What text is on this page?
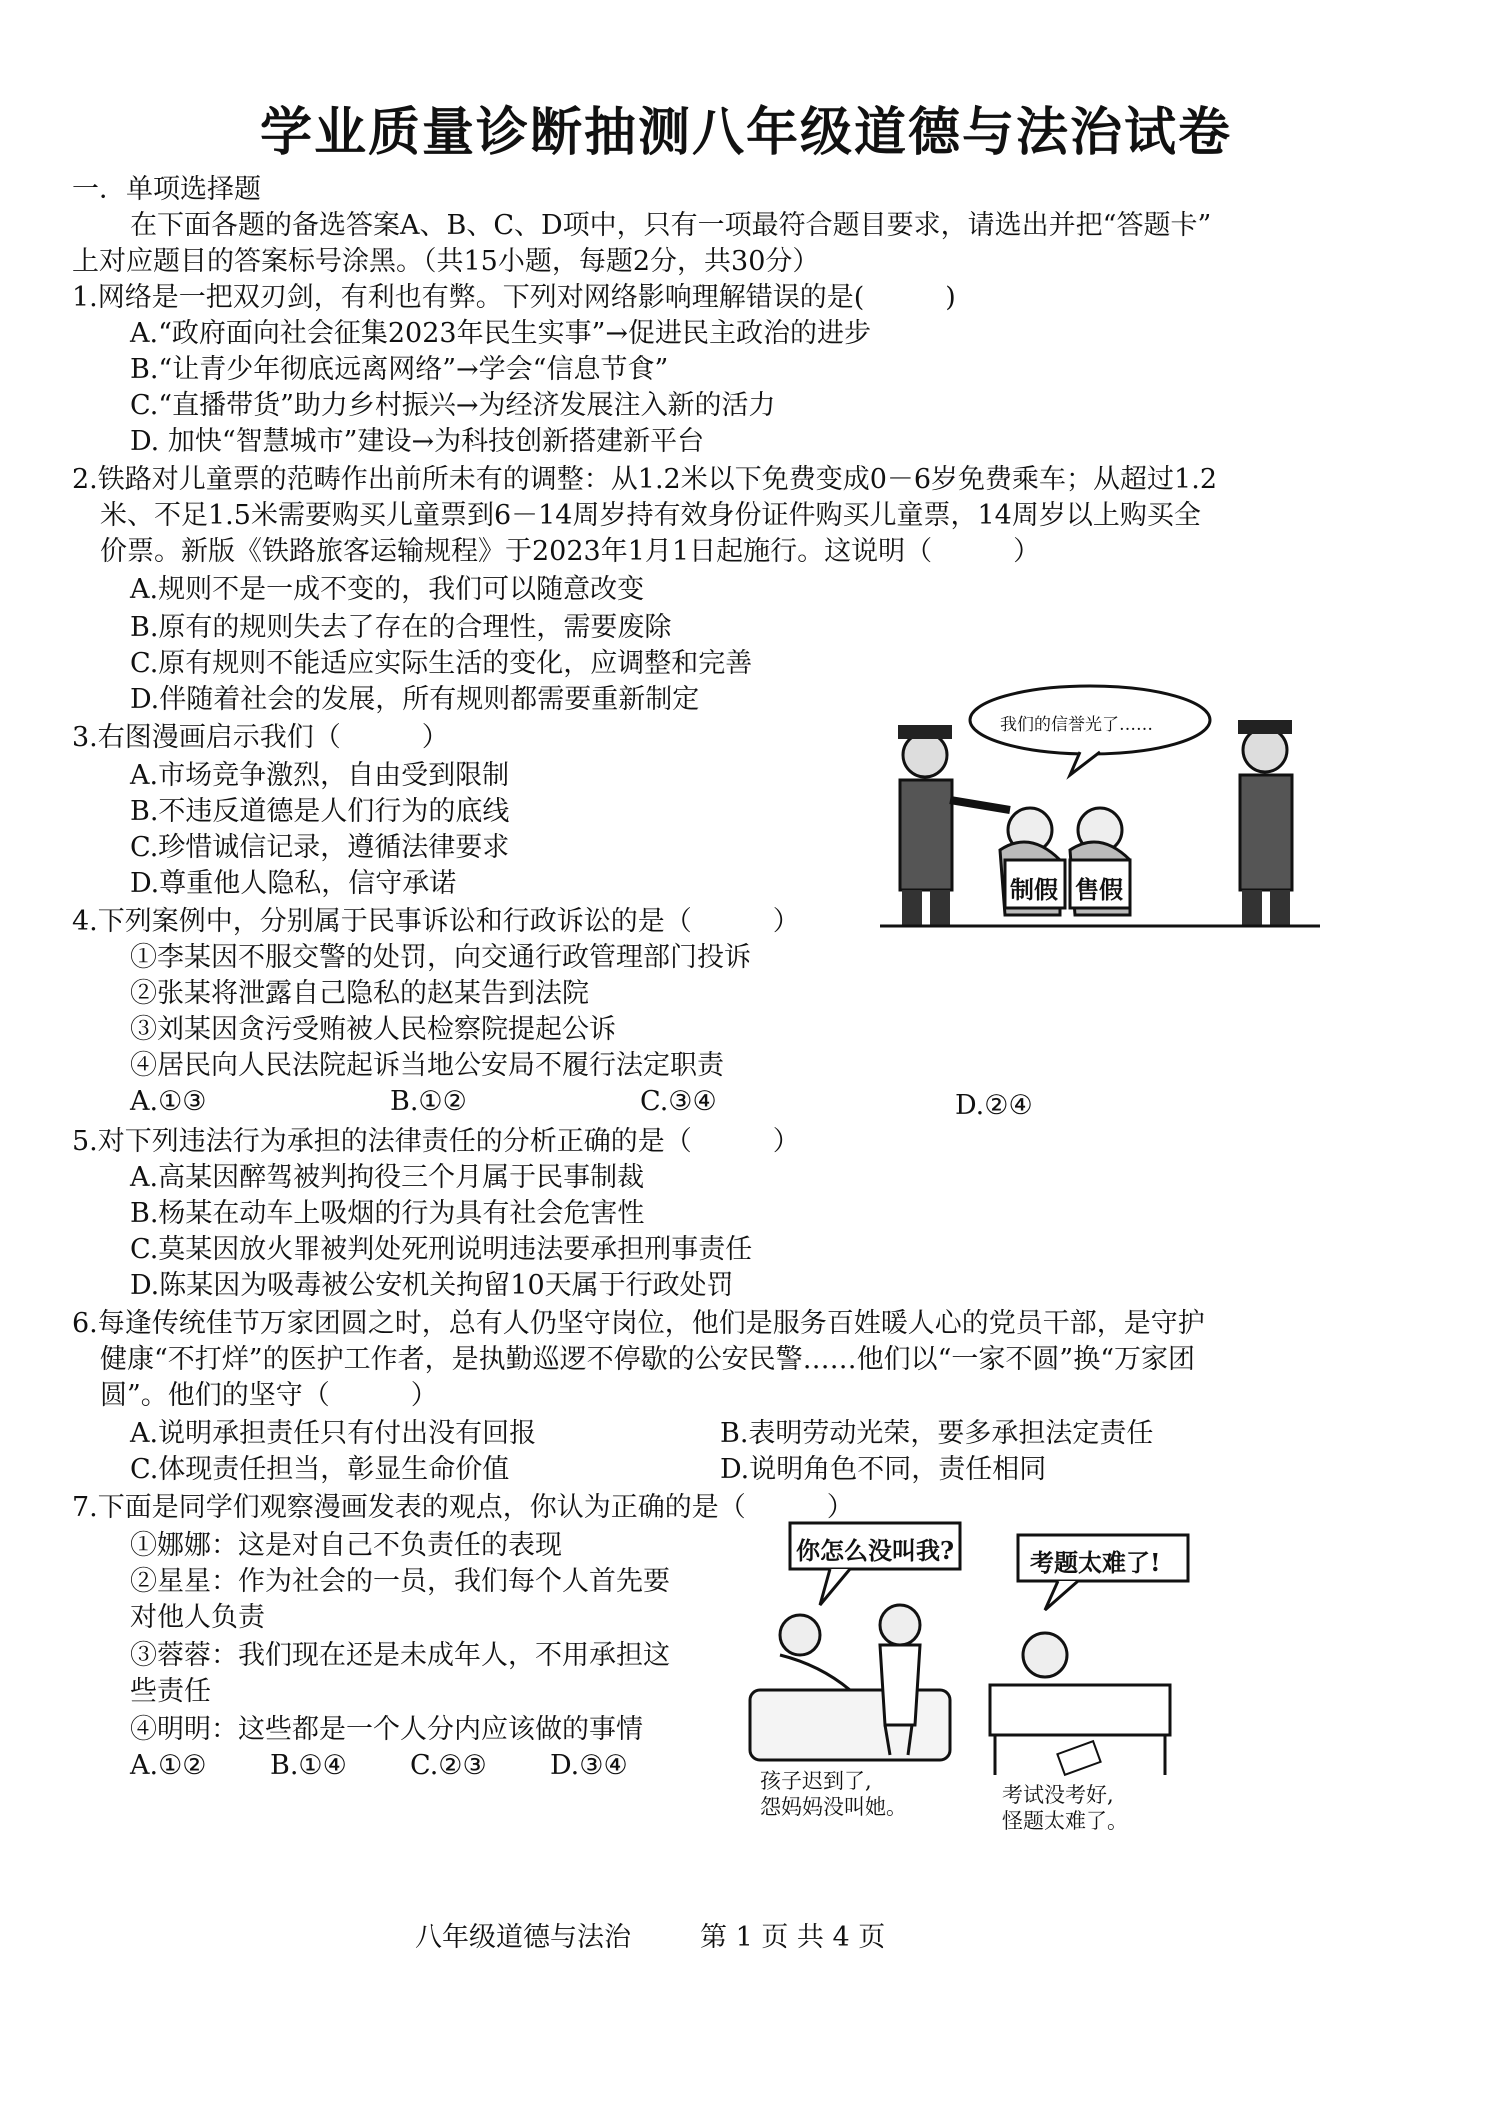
学业质量诊断抽测八年级道德与法治试卷
一．单项选择题
在下面各题的备选答案A、B、C、D项中，只有一项最符合题目要求，请选出并把“答题卡”
上对应题目的答案标号涂黑。（共15小题，每题2分，共30分）
1.网络是一把双刃剑，有利也有弊。下列对网络影响理解错误的是(　　　)
A.“政府面向社会征集2023年民生实事”→促进民主政治的进步
B.“让青少年彻底远离网络”→学会“信息节食”
C.“直播带货”助力乡村振兴→为经济发展注入新的活力
D. 加快“智慧城市”建设→为科技创新搭建新平台
2.铁路对儿童票的范畴作出前所未有的调整：从1.2米以下免费变成0－6岁免费乘车；从超过1.2
米、不足1.5米需要购买儿童票到6－14周岁持有效身份证件购买儿童票，14周岁以上购买全
价票。新版《铁路旅客运输规程》于2023年1月1日起施行。这说明（　　　）
A.规则不是一成不变的，我们可以随意改变
B.原有的规则失去了存在的合理性，需要废除
C.原有规则不能适应实际生活的变化，应调整和完善
D.伴随着社会的发展，所有规则都需要重新制定
3.右图漫画启示我们（　　　）
A.市场竞争激烈，自由受到限制
B.不违反道德是人们行为的底线
C.珍惜诚信记录，遵循法律要求
D.尊重他人隐私，信守承诺
我们的信誉光了……
制假 售假
4.下列案例中，分别属于民事诉讼和行政诉讼的是（　　　）
①李某因不服交警的处罚，向交通行政管理部门投诉
②张某将泄露自己隐私的赵某告到法院
③刘某因贪污受贿被人民检察院提起公诉
④居民向人民法院起诉当地公安局不履行法定职责
A.①③	B.①②	C.③④	D.②④
5.对下列违法行为承担的法律责任的分析正确的是（　　　）
A.高某因醉驾被判拘役三个月属于民事制裁
B.杨某在动车上吸烟的行为具有社会危害性
C.莫某因放火罪被判处死刑说明违法要承担刑事责任
D.陈某因为吸毒被公安机关拘留10天属于行政处罚
6.每逢传统佳节万家团圆之时，总有人仍坚守岗位，他们是服务百姓暖人心的党员干部，是守护
健康“不打烊”的医护工作者，是执勤巡逻不停歇的公安民警……他们以“一家不圆”换“万家团
圆”。他们的坚守（　　　）
A.说明承担责任只有付出没有回报	B.表明劳动光荣，要多承担法定责任
C.体现责任担当，彰显生命价值	D.说明角色不同，责任相同
7.下面是同学们观察漫画发表的观点，你认为正确的是（　　　）
①娜娜：这是对自己不负责任的表现
②星星：作为社会的一员，我们每个人首先要
对他人负责
③蓉蓉：我们现在还是未成年人，不用承担这
些责任
④明明：这些都是一个人分内应该做的事情
A.①② B.①④ C.②③ D.③④
你怎么没叫我?	考题太难了!
孩子迟到了,
怨妈妈没叫她。	考试没考好,
怪题太难了。
八年级道德与法治	第 1 页 共 4 页
